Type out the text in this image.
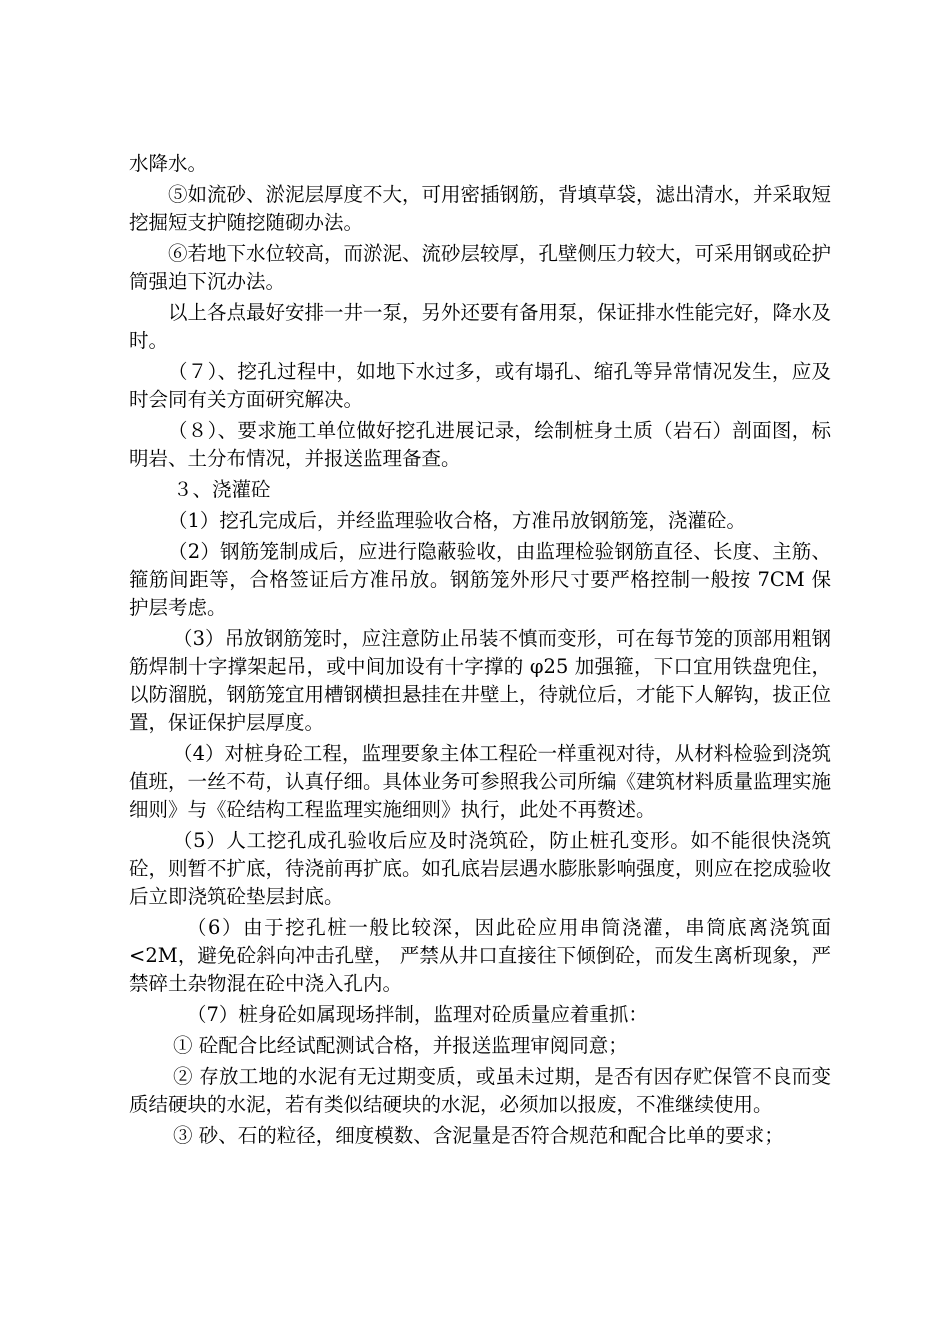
水降水。

⑤如流砂、淤泥层厚度不大，可用密插钢筋，背填草袋，滤出清水，并采取短挖掘短支护随挖随砌办法。

⑥若地下水位较高，而淤泥、流砂层较厚，孔壁侧压力较大，可采用钢或砼护筒强迫下沉办法。

以上各点最好安排一井一泵，另外还要有备用泵，保证排水性能完好，降水及时。

（７）、挖孔过程中，如地下水过多，或有塌孔、缩孔等异常情况发生，应及时会同有关方面研究解决。

（８）、要求施工单位做好挖孔进展记录，绘制桩身土质（岩石）剖面图，标明岩、土分布情况，并报送监理备查。

３、浇灌砼

（1）挖孔完成后，并经监理验收合格，方准吊放钢筋笼，浇灌砼。

（2）钢筋笼制成后，应进行隐蔽验收，由监理检验钢筋直径、长度、主筋、箍筋间距等，合格签证后方准吊放。钢筋笼外形尺寸要严格控制一般按 7CM 保护层考虑。

（3）吊放钢筋笼时，应注意防止吊装不慎而变形，可在每节笼的顶部用粗钢筋焊制十字撑架起吊，或中间加设有十字撑的 φ25 加强箍，下口宜用铁盘兜住，以防溜脱，钢筋笼宜用槽钢横担悬挂在井壁上，待就位后，才能下人解钩，拔正位置，保证保护层厚度。

（4）对桩身砼工程，监理要象主体工程砼一样重视对待，从材料检验到浇筑值班，一丝不苟，认真仔细。具体业务可参照我公司所编《建筑材料质量监理实施细则》与《砼结构工程监理实施细则》执行，此处不再赘述。

（5）人工挖孔成孔验收后应及时浇筑砼，防止桩孔变形。如不能很快浇筑砼，则暂不扩底，待浇前再扩底。如孔底岩层遇水膨胀影响强度，则应在挖成验收后立即浇筑砼垫层封底。

（6）由于挖孔桩一般比较深，因此砼应用串筒浇灌，串筒底离浇筑面<2M，避免砼斜向冲击孔壁， 严禁从井口直接往下倾倒砼，而发生离析现象，严禁碎土杂物混在砼中浇入孔内。

（7）桩身砼如属现场拌制，监理对砼质量应着重抓：

① 砼配合比经试配测试合格，并报送监理审阅同意；

② 存放工地的水泥有无过期变质，或虽未过期，是否有因存贮保管不良而变质结硬块的水泥，若有类似结硬块的水泥，必须加以报废，不准继续使用。

③ 砂、石的粒径，细度模数、含泥量是否符合规范和配合比单的要求；
